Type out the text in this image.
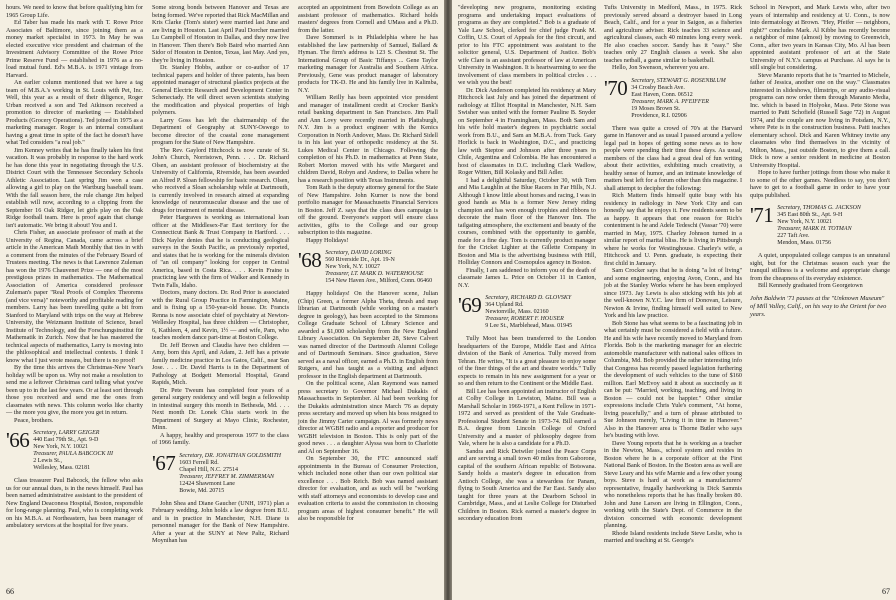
hours. We need to know that before qualifying him for 1965 Group Life.

Ed Taber has made his mark with T. Rowe Price Associates of Baltimore, since joining them as a money market specialist in 1973. In May he was elected executive vice president and chairman of the Investment Advisory Committee of the Rowe Price Prime Reserve Fund — established in 1976 as a no-load mutual fund. Ed's M.B.A. is 1971 vintage from Harvard.

An earlier column mentioned that we have a tag team of M.B.A.'s working in St. Louis with Pet, Inc. Well, this year as a result of their diligence, Roger Urban received a son and Ted Atkinson received a promotion to director of marketing — Established Products (Grocery Operations). Ted joined in 1975 as a marketing manager. Roger is an internal consultant having a great time in spite of the fact he doesn't have what Ted considers "a real job."

Jim Kenney writes that he has finally taken his first vacation. It was probably in response to the hard work he has done this year in negotiating through the U.S. District Court with the Tennessee Secondary Schools Athletic Association. Last spring Jim won a case allowing a girl to play on the Wartburg baseball team. With the fall season here, the rule change Jim helped establish will now, according to a clipping from the September 16 Oak Ridger, let girls play on the Oak Ridge football team. Here is proof again that change isn't automatic. We bring it about! You and I.

Chris Fisher, an associate professor of math at the University of Regina, Canada, came across a brief article in the American Math Monthly that ties in with a comment from the minutes of the February Board of Trustees meeting. The news is that Lawrence Zuleman has won the 1976 Chauvenet Prize — one of the most prestigious prizes in mathematics. The Mathematical Association of America considered professor Zuleman's paper "Real Proofs of Complex Theorems (and vice versa)" noteworthy and profitable reading for members. Larry has been travelling quite a bit from Stanford to Maryland with trips on the way at Hebrew University, the Weizmann Institute of Science, Israel Institute of Technology, and the Forschungsinstitut für Mathematik in Zurich. Now that he has mastered the technical aspects of mathematics, Larry is moving into the philosophical and intellectual contexts. I think I know what I just wrote means, but there is no proof!

By the time this arrives the Christmas-New Year's holiday will be upon us. Why not make a resolution to send me a leftover Christmas card telling what you've been up to in the last few years. Or at least sort through those you received and send me the ones from classmates with news. This column works like charity — the more you give, the more you get in return.

Peace, brothers.

'66 Secretary, LARRY GEIGER
440 East 79th St., Apt. 9-D
New York, N.Y. 10021
Treasurer, PAULA BABCOCK III
2 Lewis St.,
Wellesley, Mass. 02181

Class treasurer Paul Babcock, the fellow who asks us for our annual dues, is in the news himself. Paul has been named administrative assistant to the president of New England Deaconess Hospital, Boston, responsible for long-range planning. Paul, who is completing work on his M.B.A. at Northeastern, has been manager of ambulatory services at the hospital for five years.

Some strong bonds between Hanover and Texas are being formed. We've reported that Rick MacMillan and Kris Clarke (Tom's sister) were married last June and are living in Houston. Last April Paul Dorcher married Lu Campbell of Houston in Dallas, and they now live in Hanover. Then there's Bob Baird who married Ann Sidor of Houston in Denton, Texas, last May. And yes, they're living in Houston.

Dr. Stanley Hobbs, author or co-author of 17 technical papers and holder of three patents, has been appointed manager of structural plastics projects at the General Electric Research and Development Center in Schenectady. He will direct seven scientists studying the modification and physical properties of high polymers.

Larry Goss has left the chairmanship of the Department of Geography at SUNY-Oswego to become director of the coastal zone management program for the State of New Hampshire.

The Rev. Gaylord Hitchcock is now curate of St. John's Church, Norristown, Penn. . . . Dr. Richard Olsen, an assistant professor of biochemistry at the University of California, Riverside, has been awarded an Alfred P. Sloan fellowship for basic research. Olsen, who received a Sloan scholarship while at Dartmouth, is currently involved in research aimed at expanding knowledge of neuromuscular disease and the use of drugs for treatment of mental disease.

Peter Hargraves is working as international loan officer at the Middlesex-Far East territory for the Connecticut Bank & Trust Company in Hartford. . . . Dick Naylor denies that he is conducting geological surveys in the South Pacific, as previously reported, and states that he is working for the minerals division of "an oil company" looking for copper in Central America, based in Costa Rica. . . . Kevin Fraine is practicing law with the firm of Walker and Kennedy in Twin Falls, Idaho.

Doctors, many doctors. Dr. Rod Prior is associated with the Rural Group Practice in Farmington, Maine, and is fixing up a 150-year-old house. Dr. Francis Renna is now associate chief of psychiatry at Newton-Wellesley Hospital, has three children — Christopher, 6, Kathleen, 4, and Kevin, 1½ — and wife, Pam, who teaches modern dance part-time at Boston College.

Dr. Jeff Brown and Claudia have two children — Amy, born this April, and Adam, 2. Jeff has a private family medicine practice in Los Gatos, Calif., near San Jose. . . . Dr. David Harris is in the Department of Pathology at Bodgett Memorial Hospital, Grand Rapids, Mich.

Dr. Pete Tweum has completed four years of a general surgery residency and will begin a fellowship in intestinal surgery this month in Bethesda, Md. . . . Next month Dr. Lonek Chia starts work in the Department of Surgery at Mayo Clinic, Rochester, Minn.

A happy, healthy and prosperous 1977 to the class of 1966 family.

'67 Secretary, DR. JONATHAN GOLDSMITH
1603 Ferrell Rd.
Chapel Hill, N.C. 27514
Treasurer, JEFFREY M. ZIMMERMAN
12424 Shawmont Lane
Bowie, Md. 20715

John Shea and Diane Gaucher (UNH, 1971) plan a February wedding. John holds a law degree from B.U. and is in practice in Manchester, N.H. Diane is personnel manager for the Bank of New Hampshire. After a year at the SUNY at New Paltz, Richard Moynihan has

accepted an appointment from Bowdoin College as an assistant professor of mathematics. Richard holds masters' degrees from Cornell and UMass and a Ph.D. from the latter.

Dave Sommerl is in Philadelphia where he has established the law partnership of Samuel, Ballard & Hyman. The firm's address is 123 S. Chestnut St. The International Group of Basic Tiffanys ... Gene Taylor marketing manager for Australia and Southern Africa. Previously, Gene was product manager of laboratory products for TK-D. He and his family live in Kalimba, N.Y.

William Reilly has been appointed vice president and manager of installment credit at Crocker Bank's retail banking department in San Francisco. Jim Piall and Ann Lovy were recently married in Plattsburgh, N.Y. Jim is a product engineer with the Kenics Corporation in North Andover, Mass. Dr. Richard Sidell is in his last year of orthopedic residency at the St. Lukes Medical Center in Chicago. Following the completion of his Ph.D. in mathematics at Penn State, Robert Morton moved with his wife Margaret and children David, Robyn and Andrew, to Dallas where he has a research position with Texas Instruments.

Tom Rath is the deputy attorney general for the State of New Hampshire. John Kurner is now the bond portfolio manager for Massachusetts Financial Services in Boston. Jeff Z. says that the class dues campaign is off the ground. Everyone's support will ensure class activities, gifts to the College and our group subscription to this magazine.

Happy Holidays!

'68 Secretary, DAVID LORING
560 Riverside Dr., Apt. 19-N
New York, N.Y. 10027
Treasurer, LT. MARK D. WATERHOUSE
154 New Haven Ave., Milford, Conn. 06460

Happy holidays! On the Hanover scene, Julian (Chip) Green, a former Alpha Theta, thrush and map librarian at Dartmouth (while working on a master's degree in geology), has been accepted to the Simmons College Graduate School of Library Science and awarded a $1,000 scholarship from the New England Library Association. On September 28, Steve Calvert was named director of the Dartmouth Alumni College and of Dartmouth Seminars. Since graduation, Steve served as a naval officer, earned a Ph.D. in English from Rutgers, and has taught as a visiting and adjunct professor in the English department at Dartmouth.

On the political scene, Alan Raymond was named press secretary to Governor Michael Dukakis of Massachusetts in September. Al had been working for the Dukakis administration since March '76 as deputy press secretary and moved up when his boss resigned to join the Jimmy Carter campaign. Al was formerly news director at WGBH radio and a reporter and producer for WGBH television in Boston. This is only part of the good news . . . a daughter Alyssa was born to Charlotte and Al on September 16.

On September 30, the FTC announced staff appointments in the Bureau of Consumer Protection, which included none other than our own political star excellence . . . Bob Reich. Bob was named assistant director for evaluation, and as such will be "working with staff attorneys and economists to develop case and evaluation criteria to assist the commission in choosing program areas of highest consumer benefit." He will also be responsible for

66

"developing new programs, monitoring existing programs and undertaking impact evaluations of programs as they are completed." Bob is a graduate of Yale Law School, clerked for chief judge Frank M. Coffin, U.S. Court of Appeals for the first circuit, and prior to his FTC appointment was assistant to the solicitor general, U.S. Department of Justice. Bob's wife Clare is an assistant professor of law at American University in Washington. It is heartwarming to see the involvement of class members in political circles . . . we wish you the best!

Dr. Dick Anderson completed his residency at Mary Hitchcock last July and has joined the department of radiology at Elliot Hospital in Manchester, N.H. Sam Swisher was united with the former Pauline B. Snyder on September 4 in Framingham, Mass. Both Sam and his wife hold master's degrees in psychiatric social work from B.U., and Sam an M.B.A. from Tuck. Gary Horlick is back in Washington, D.C., and practicing law with Steptoe and Johnson after three years in Chile, Argentina and Colombia. He has encountered a host of classmates in D.C. including Clark Wadlow, Roger Witten, Bill Kolasky and Bill Adler.

I had a delightful Saturday, October 30, with Tom and Mia Laughlin at the Blue Racers in Far Hills, N.J. Although I know little about horses and racing, I was in good hands as Mia is a former New Jersey riding champion and has won enough trophies and ribbons to decorate the main floor of the Hanover Inn. The tailgating atmosphere, the excitement and beauty of the courses, combined with the opportunity to gamble, made for a fine day. Tom is currently product manager for the Cricket Lighter at the Gillette Company in Boston and Mia is the advertising business with Hill, Holliday Connors and Cosmopulos agency in Boston.

Finally, I am saddened to inform you of the death of classmate James L. Price on October 11 in Canton, N.Y.

'69 Secretary, RICHARD D. GLOVSKY
364 Upland Rd.
Newtonville, Mass. 02160
Treasurer, ROBERT F. HOUSER
9 Lee St., Marblehead, Mass. 01945

Tully Moot has been transferred to the London headquarters of the Europe, Middle East and Africa division of the Bank of America. Tully moved from Tehran. He writes, "It is a great pleasure to enjoy some of the finer things of the art and theatre worlds." Tully expects to remain in his new assignment for a year or so and then return to the Continent or the Middle East.

Bill Lee has been appointed an instructor of English at Colby College in Lewiston, Maine. Bill was a Marshall Scholar in 1969-1971, a Kent Fellow in 1971-1972 and served as president of the Yale Graduate-Professional Student Senate in 1973-74. Bill earned a B.A. degree from Lincoln College of Oxford University and a master of philosophy degree from Yale, where he is also a candidate for a Ph.D.

Sandra and Rick Detwiler joined the Peace Corps and are serving a small town 40 miles from Gaborone, capital of the southern African republic of Botswana. Sandy holds a master's degree in education from Antioch College, she was a stewardess for Panam, flying to South America and the Far East. Sandy also taught for three years at the Dearborn School in Cambridge, Mass., and at Leslie College for Disturbed Children in Boston. Rick earned a master's degree in secondary education from

Tufts University in Medford, Mass., in 1975. Rick previously served aboard a destroyer based in Long Beach, Calif., and for a year in Saigon, as a fisheries and agriculture adviser. Rick teaches 33 science and agricultural classes, each 40 minutes long every week. He also coaches soccer. Sandy has it "easy." She teaches only 27 English classes a week. She also teaches netball, a game similar to basketball.

Hello, Jon Swenson, wherever you are.

'70 Secretary, STEWART G. ROSENBLUM
34 Crosby Beach Ave.
East Haven, Conn. 06512
Treasurer, MARK A. PFEIFFER
19 Moses Brown St.
Providence, R.I. 02906

There was quite a crowd of 70's at the Harvard game in Hanover and as usual I passed around a yellow legal pad in hopes of getting some news as to how people were spending their time these days. As usual, members of the class had a great deal of fun writing about their activities, exhibiting much creativity, a healthy sense of humor, and an intimate knowledge of matters best left for a forum other than this magazine. I shall attempt to decipher the following:

Rich Mattern finds himself quite busy with his residency in radiology in New York City and can honestly say that he enjoys it. Few residents seem to be as happy. It appears that one reason for Rich's contentment is he and Adele Tedeschi (Vassar '70) were married in May, 1975. Charley Johnson turned in a similar report of marital bliss. He is living in Pittsburgh where he works for Westinghouse. Charley's wife, a Hitchcock and U. Penn. graduate, is expecting their first child in January.

Sam Crocker says that he is doing "a lot of living" and some engineering, enjoying Avon, Conn., and his job at the Stanley Works where he has been employed since 1973. Jay Lewis is also sticking with his job at the well-known N.Y.C. law firm of Donovan, Leisure, Newton & Irvine, finding himself well suited to New York and his law practice.

Bob Stone has what seems to be a fascinating job in what certainly must be considered a field with a future. He and his wife have recently moved to Maryland from Florida. Bob is the marketing manager for an electric automobile manufacturer with national sales offices in Columbia, Md. Bob provided the rather interesting info that Congress has recently passed legislation furthering the development of such vehicles to the tune of $160 million. Earl McEvoy said it about as succinctly as it can be put: "Married, working, teaching, and living in Boston — could not be happier." Other similar expressions include Chris Yule's comment, "At home, living peacefully," and a turn of phrase attributed to Sue Johnson merely, "Living it in time in Hanover." Also in the Hanover area is Thorne Butler who says he's busting with love.

Dave Young reports that he is working as a teacher in the Newton, Mass., school system and resides in Boston where he is a corporate officer at the First National Bank of Boston. In the Boston area as well are Steve Leary and his wife Marnie and a few other young boys. Steve is hard at work as a manufacturers' representative, frugally hardworking is Dick Sammis who nonetheless reports that he has finally broken 80. John and June Larson are living in Ellington, Conn., working with the State's Dept. of Commerce in the division concerned with economic development planning.

Rhode Island residents include Steve Leslie, who is married and teaching at St. George's

School in Newport, and Mark Lewis who, after two years of internship and residency at U. Conn., is now into dermatology at Brown. "Hey, Pfeifer — neighbors, right?" concludes Mark. Al Kibbe has recently become a neighbor of mine (almost) by moving to Greenwich, Conn., after two years in Kansas City, Mo. Al has been appointed assistant professor of art at the State University of N.Y.'s campus at Purchase. Al says he is still single but considering.

Steve Maranto reports that he is "married to Michele, father of Jessica, another one on the way." Classmates interested in slideshows, filmstrips, or any audio-visual programs can now order them through Maranto Media, Inc. which is based in Holyoke, Mass. Pete Stone was married to Patti Schofield (Russell Sage '72) in August 1974, and the couple are now living in Potsdam, N.Y., where Pete is in the construction business. Patti teaches elementary school. Dick and Karen Whitney invite any classmates who find themselves in the vicinity of Milton, Mass., just outside Boston, to give them a call. Dick is now a senior resident in medicine at Boston University Hospital.

Hope to have further jottings from those who make it to some of the other games. Needless to say, you don't have to get to a football game in order to have your quips published.

'71 Secretary, THOMAS G. JACKSON
345 East 80th St., Apt. 9-H
New York, N.Y. 10021
Treasurer, MARK H. TOTMAN
227 Taft Ave.
Mendon, Mass. 01756

A quiet, unpopulated college campus is an unnatural sight, but for the Christmas season each year the tranquil stillness is a welcome and appropriate change from the cheapness of its everyday existence.

Bill Kennedy graduated from Georgetown

John Baldwin '71 pauses at the "Unknown Museum" of Mill Valley, Calif., on his way to the Orient for two years.
67
